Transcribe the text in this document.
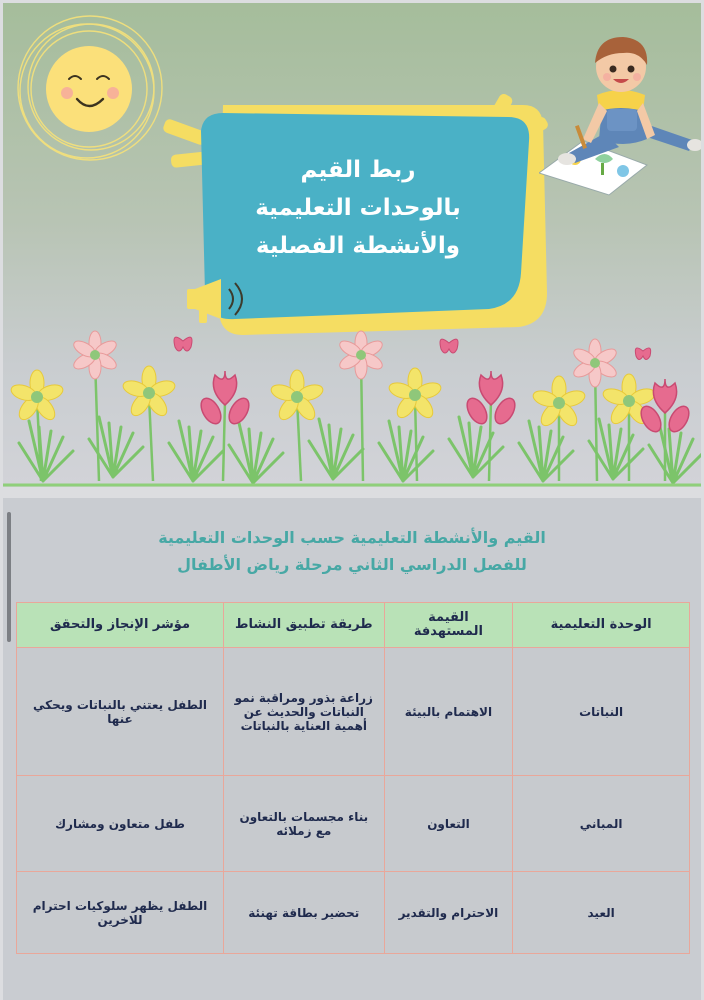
ربط القيم
بالوحدات التعليمية
والأنشطة الفصلية
القيم والأنشطة التعليمية حسب الوحدات التعليمية
للفصل الدراسي الثاني مرحلة رياض الأطفال
الوحدة التعليمية	القيمة المستهدفة	طريقة تطبيق النشاط	مؤشر الإنجاز والتحقق
النباتات	الاهتمام بالبيئة	زراعة بذور ومراقبة نمو النباتات والحديث عن أهمية العناية بالنباتات	الطفل يعتني بالنباتات ويحكي عنها
المباني	التعاون	بناء مجسمات بالتعاون مع زملائه	طفل متعاون ومشارك
العيد	الاحترام والتقدير	تحضير بطاقة تهنئة	الطفل يظهر سلوكيات احترام للاخرين
